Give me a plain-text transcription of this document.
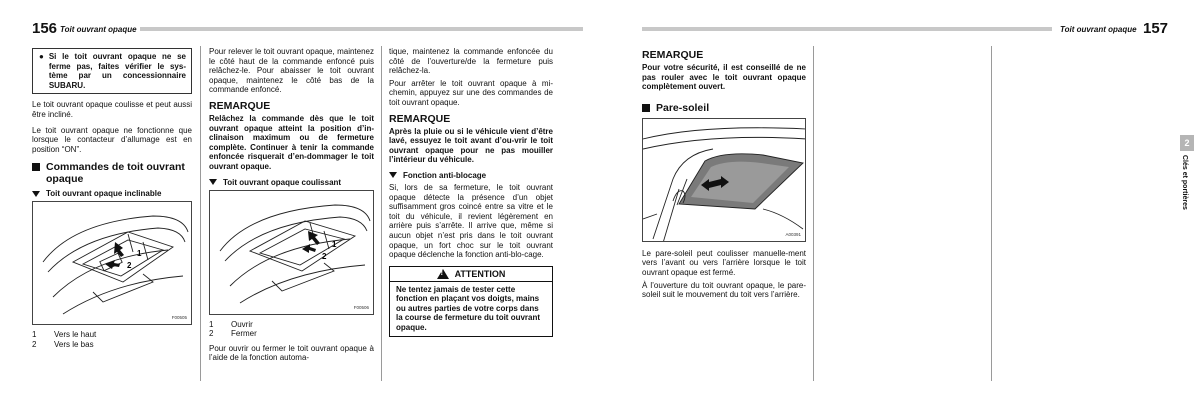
156 Toit ouvrant opaque	Toit ouvrant opaque 157
● Si le toit ouvrant opaque ne se ferme pas, faites vérifier le sys-tème par un concessionnaire SUBARU.
Le toit ouvrant opaque coulisse et peut aussi être incliné.
Le toit ouvrant opaque ne fonctionne que lorsque le contacteur d’allumage est en position “ON”.
Commandes de toit ouvrant opaque
Toit ouvrant opaque inclinable
1
2
F00505
1	Vers le haut
2	Vers le bas
Pour relever le toit ouvrant opaque, maintenez le côté haut de la commande enfoncé puis relâchez-le. Pour abaisser le toit ouvrant opaque, maintenez le côté bas de la commande enfoncé.
REMARQUE
Relâchez la commande dès que le toit ouvrant opaque atteint la position d’in-clinaison maximum ou de fermeture complète. Continuer à tenir la commande enfoncée risquerait d’en-dommager le toit ouvrant opaque.
Toit ouvrant opaque coulissant
1
2
F00506
1	Ouvrir
2	Fermer
Pour ouvrir ou fermer le toit ouvrant opaque à l’aide de la fonction automa-
tique, maintenez la commande enfoncée du côté de l’ouverture/de la fermeture puis relâchez-la.
Pour arrêter le toit ouvrant opaque à mi-chemin, appuyez sur une des commandes de toit ouvrant opaque.
REMARQUE
Après la pluie ou si le véhicule vient d’être lavé, essuyez le toit avant d’ou-vrir le toit ouvrant opaque pour ne pas mouiller l’intérieur du véhicule.
Fonction anti-blocage
Si, lors de sa fermeture, le toit ouvrant opaque détecte la présence d’un objet suffisamment gros coincé entre sa vitre et le toit du véhicule, il revient légèrement en arrière puis s’arrête. Il arrive que, même si aucun objet n’est pris dans le toit ouvrant opaque, un fort choc sur le toit ouvrant opaque déclenche la fonction anti-blo-cage.
!
ATTENTION
Ne tentez jamais de tester cette fonction en plaçant vos doigts, mains ou autres parties de votre corps dans la course de fermeture du toit ouvrant opaque.
REMARQUE
Pour votre sécurité, il est conseillé de ne pas rouler avec le toit ouvrant opaque complètement ouvert.
Pare-soleil
A00391
Le pare-soleil peut coulisser manuelle-ment vers l’avant ou vers l’arrière lorsque le toit ouvrant opaque est fermé.
À l’ouverture du toit ouvrant opaque, le pare-soleil suit le mouvement du toit vers l’arrière.
2
Clés et portières
